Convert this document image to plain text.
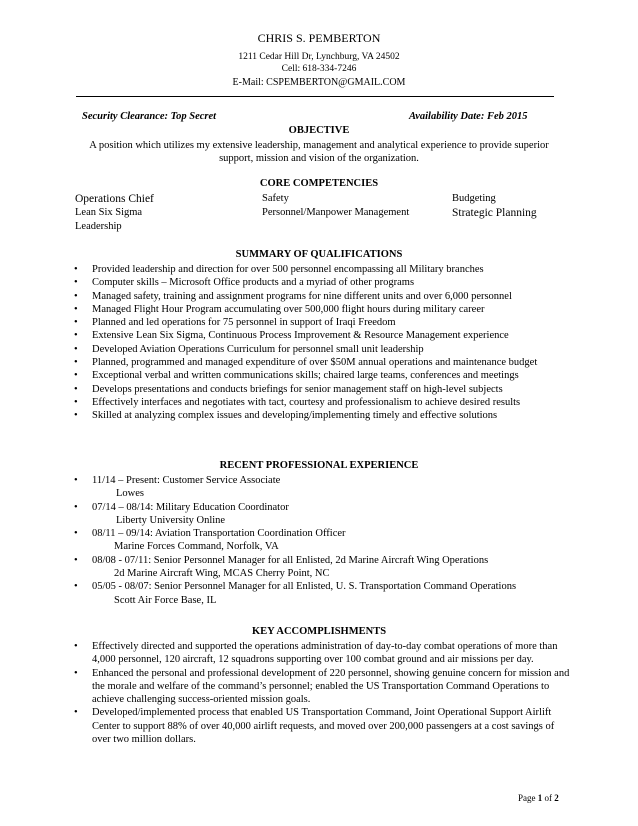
CHRIS S. PEMBERTON
1211 Cedar Hill Dr, Lynchburg, VA 24502
Cell: 618-334-7246
E-Mail: CSPEMBERTON@GMAIL.COM
Security Clearance: Top Secret	Availability Date: Feb 2015
OBJECTIVE
A position which utilizes my extensive leadership, management and analytical experience to provide superior support, mission and vision of the organization.
CORE COMPETENCIES
Operations Chief
Lean Six Sigma
Leadership
Safety
Personnel/Manpower Management
Budgeting
Strategic Planning
SUMMARY OF QUALIFICATIONS
• Provided leadership and direction for over 500 personnel encompassing all Military branches
• Computer skills – Microsoft Office products and a myriad of other programs
• Managed safety, training and assignment programs for nine different units and over 6,000 personnel
• Managed Flight Hour Program accumulating over 500,000 flight hours during military career
• Planned and led operations for 75 personnel in support of Iraqi Freedom
• Extensive Lean Six Sigma, Continuous Process Improvement & Resource Management experience
• Developed Aviation Operations Curriculum for personnel small unit leadership
• Planned, programmed and managed expenditure of over $50M annual operations and maintenance budget
• Exceptional verbal and written communications skills; chaired large teams, conferences and meetings
• Develops presentations and conducts briefings for senior management staff on high-level subjects
• Effectively interfaces and negotiates with tact, courtesy and professionalism to achieve desired results
• Skilled at analyzing complex issues and developing/implementing timely and effective solutions
RECENT PROFESSIONAL EXPERIENCE
• 11/14 – Present: Customer Service Associate
Lowes
• 07/14 – 08/14: Military Education Coordinator
Liberty University Online
• 08/11 – 09/14: Aviation Transportation Coordination Officer
Marine Forces Command, Norfolk, VA
• 08/08 - 07/11: Senior Personnel Manager for all Enlisted, 2d Marine Aircraft Wing Operations
2d Marine Aircraft Wing, MCAS Cherry Point, NC
• 05/05 - 08/07: Senior Personnel Manager for all Enlisted, U. S. Transportation Command Operations
Scott Air Force Base, IL
KEY ACCOMPLISHMENTS
• Effectively directed and supported the operations administration of day-to-day combat operations of more than 4,000 personnel, 120 aircraft, 12 squadrons supporting over 100 combat ground and air missions per day.
• Enhanced the personal and professional development of 220 personnel, showing genuine concern for mission and the morale and welfare of the command’s personnel; enabled the US Transportation Command Operations to achieve challenging success-oriented mission goals.
• Developed/implemented process that enabled US Transportation Command, Joint Operational Support Airlift Center to support 88% of over 40,000 airlift requests, and moved over 200,000 passengers at a cost savings of over two million dollars.
Page 1 of 2
